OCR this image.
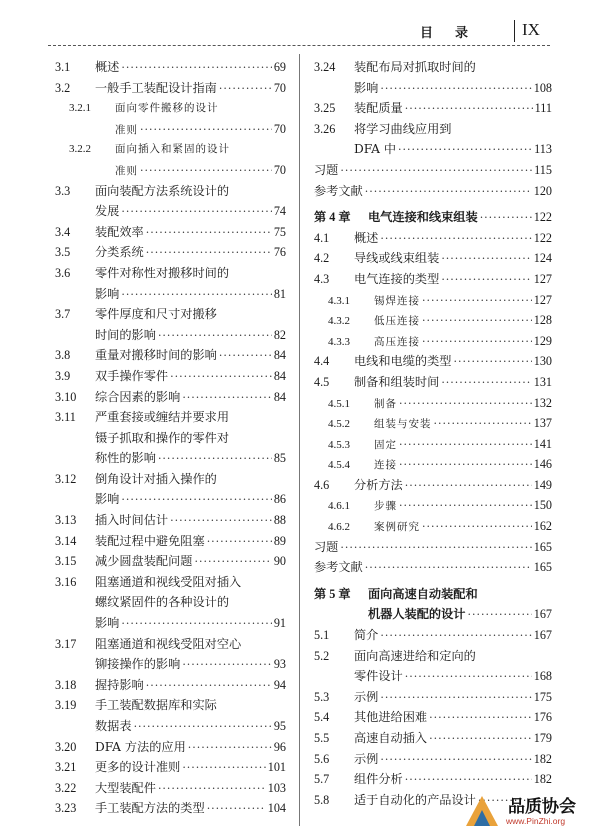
目录 IX
3.1	概述 ·····	69
3.2	一般手工装配设计指南 ·····	70
3.2.1	面向零件搬移的设计
准则 ·····	70
3.2.2	面向插入和紧固的设计
准则 ·····	70
3.3	面向装配方法系统设计的
发展 ·····	74
3.4	装配效率 ·····	75
3.5	分类系统 ·····	76
3.6	零件对称性对搬移时间的
影响 ·····	81
3.7	零件厚度和尺寸对搬移
时间的影响 ·····	82
3.8	重量对搬移时间的影响 ·····	84
3.9	双手操作零件 ·····	84
3.10	综合因素的影响 ·····	84
3.11	严重套接或缠结并要求用
镊子抓取和操作的零件对
称性的影响 ·····	85
3.12	倒角设计对插入操作的
影响 ·····	86
3.13	插入时间估计 ·····	88
3.14	装配过程中避免阻塞 ·····	89
3.15	减少圆盘装配问题 ·····	90
3.16	阻塞通道和视线受阻对插入
螺纹紧固件的各种设计的
影响 ·····	91
3.17	阻塞通道和视线受阻对空心
铆接操作的影响 ·····	93
3.18	握持影响 ·····	94
3.19	手工装配数据库和实际
数据表 ·····	95
3.20	DFA 方法的应用 ·····	96
3.21	更多的设计准则 ·····	101
3.22	大型装配件 ·····	103
3.23	手工装配方法的类型 ·····	104
3.24	装配布局对抓取时间的
影响 ·····	108
3.25	装配质量 ·····	111
3.26	将学习曲线应用到
DFA 中 ·····	113
习题 ·····	115
参考文献 ·····	120
第 4 章	电气连接和线束组装 ·····	122
4.1	概述 ·····	122
4.2	导线或线束组装 ·····	124
4.3	电气连接的类型 ·····	127
4.3.1	锡焊连接 ·····	127
4.3.2	低压连接 ·····	128
4.3.3	高压连接 ·····	129
4.4	电线和电缆的类型 ·····	130
4.5	制备和组装时间 ·····	131
4.5.1	制备 ·····	132
4.5.2	组装与安装 ·····	137
4.5.3	固定 ·····	141
4.5.4	连接 ·····	146
4.6	分析方法 ·····	149
4.6.1	步骤 ·····	150
4.6.2	案例研究 ·····	162
习题 ·····	165
参考文献 ·····	165
第 5 章	面向高速自动装配和
机器人装配的设计 ·····	167
5.1	简介 ·····	167
5.2	面向高速进给和定向的
零件设计 ·····	168
5.3	示例 ·····	175
5.4	其他进给困难 ·····	176
5.5	高速自动插入 ·····	179
5.6	示例 ·····	182
5.7	组件分析 ·····	182
5.8	适于自动化的产品设计 ····· 品质协会
www.PinZhi.org
